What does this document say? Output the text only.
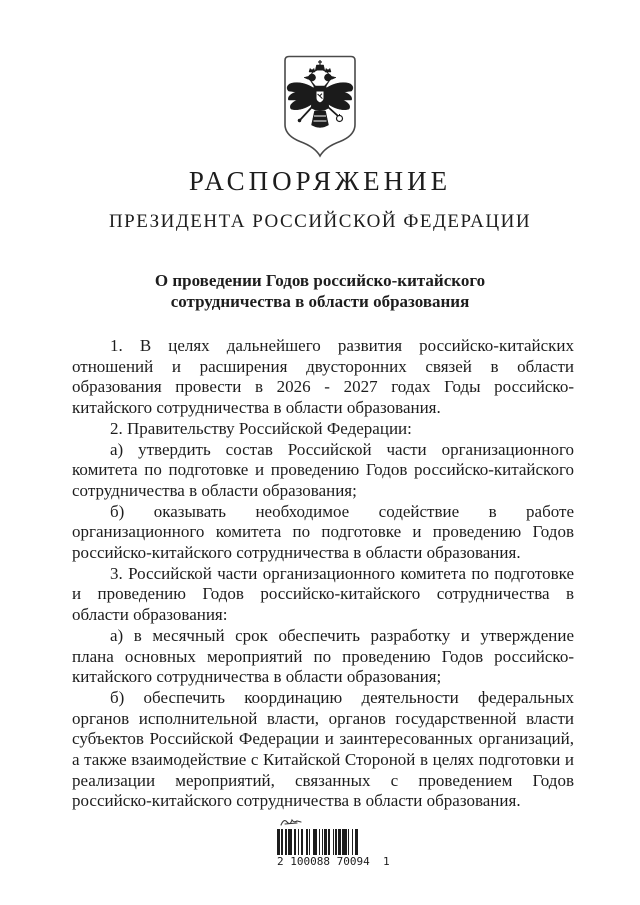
РАСПОРЯЖЕНИЕ
ПРЕЗИДЕНТА РОССИЙСКОЙ ФЕДЕРАЦИИ
О проведении Годов российско-китайского
сотрудничества в области образования

1. В целях дальнейшего развития российско-китайских отношений и расширения двусторонних связей в области образования провести в 2026 - 2027 годах Годы российско-китайского сотрудничества в области образования.

2. Правительству Российской Федерации:

а) утвердить состав Российской части организационного комитета по подготовке и проведению Годов российско-китайского сотрудничества в области образования;

б) оказывать необходимое содействие в работе организационного комитета по подготовке и проведению Годов российско-китайского сотрудничества в области образования.

3. Российской части организационного комитета по подготовке и проведению Годов российско-китайского сотрудничества в области образования:

а) в месячный срок обеспечить разработку и утверждение плана основных мероприятий по проведению Годов российско-китайского сотрудничества в области образования;

б) обеспечить координацию деятельности федеральных органов исполнительной власти, органов государственной власти субъектов Российской Федерации и заинтересованных организаций, а также взаимодействие с Китайской Стороной в целях подготовки и реализации мероприятий, связанных с проведением Годов российско-китайского сотрудничества в области образования.

2 100088 70094  1
